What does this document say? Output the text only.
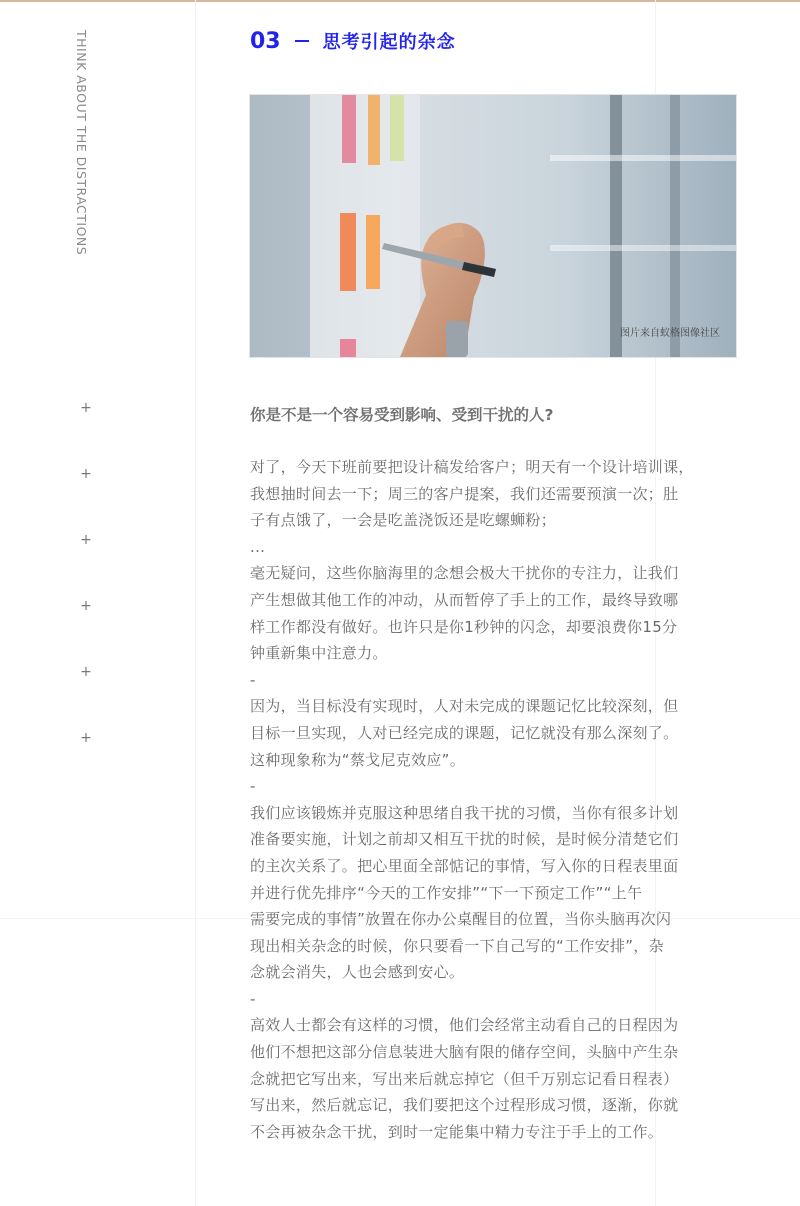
THINK ABOUT THE DISTRACTIONS
+
+
+
+
+
+
03 思考引起的杂念
图片来自蚁格图像社区
你是不是一个容易受到影响、受到干扰的人?
对了，今天下班前要把设计稿发给客户；明天有一个设计培训课，
我想抽时间去一下；周三的客户提案，我们还需要预演一次；肚
子有点饿了，一会是吃盖浇饭还是吃螺蛳粉；
...
毫无疑问，这些你脑海里的念想会极大干扰你的专注力，让我们
产生想做其他工作的冲动，从而暂停了手上的工作，最终导致哪
样工作都没有做好。也许只是你1秒钟的闪念，却要浪费你15分
钟重新集中注意力。
-
因为，当目标没有实现时，人对未完成的课题记忆比较深刻，但
目标一旦实现，人对已经完成的课题，记忆就没有那么深刻了。
这种现象称为“蔡戈尼克效应”。
-
我们应该锻炼并克服这种思绪自我干扰的习惯，当你有很多计划
准备要实施，计划之前却又相互干扰的时候，是时候分清楚它们
的主次关系了。把心里面全部惦记的事情，写入你的日程表里面
并进行优先排序“今天的工作安排”“下一下预定工作”“上午
需要完成的事情”放置在你办公桌醒目的位置，当你头脑再次闪
现出相关杂念的时候，你只要看一下自己写的“工作安排”，杂
念就会消失，人也会感到安心。
-
高效人士都会有这样的习惯，他们会经常主动看自己的日程因为
他们不想把这部分信息装进大脑有限的储存空间，头脑中产生杂
念就把它写出来，写出来后就忘掉它（但千万别忘记看日程表）
写出来，然后就忘记，我们要把这个过程形成习惯，逐渐，你就
不会再被杂念干扰，到时一定能集中精力专注于手上的工作。
